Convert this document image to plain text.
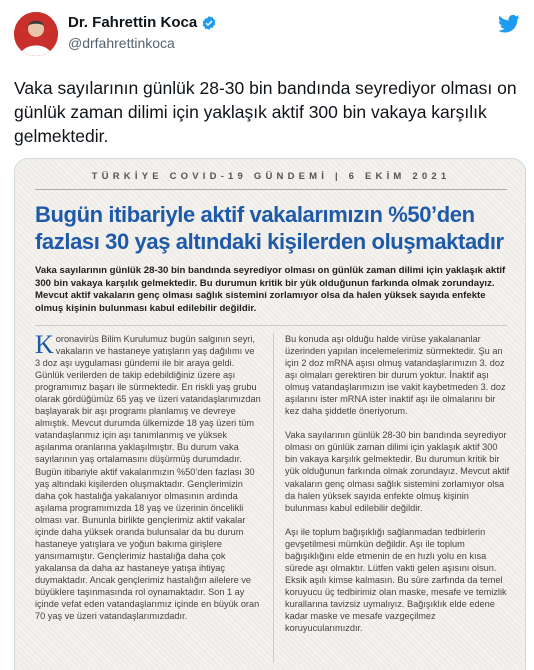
Dr. Fahrettin Koca
@drfahrettinkoca
Vaka sayılarının günlük 28-30 bin bandında seyrediyor olması on günlük zaman dilimi için yaklaşık aktif 300 bin vakaya karşılık gelmektedir.
TÜRKİYE COVID-19 GÜNDEMİ | 6 EKİM 2021
Bugün itibariyle aktif vakalarımızın %50’den fazlası 30 yaş altındaki kişilerden oluşmaktadır
Vaka sayılarının günlük 28-30 bin bandında seyrediyor olması on günlük zaman dilimi için yaklaşık aktif 300 bin vakaya karşılık gelmektedir. Bu durumun kritik bir yük olduğunun farkında olmak zorundayız. Mevcut aktif vakaların genç olması sağlık sistemini zorlamıyor olsa da halen yüksek sayıda enfekte olmuş kişinin bulunması kabul edilebilir değildir.

Koronavirüs Bilim Kurulumuz bugün salgının seyri, vakaların ve hastaneye yatışların yaş dağılımı ve 3 doz aşı uygulaması gündemi ile bir araya geldi. Günlük verilerden de takip edebildiğiniz üzere aşı programımız başarı ile sürmektedir. En riskli yaş grubu olarak gördüğümüz 65 yaş ve üzeri vatandaşlarımızdan başlayarak bir aşı programı planlamış ve devreye almıştık. Mevcut durumda ülkemizde 18 yaş üzeri tüm vatandaşlarımız için aşı tanımlanmış ve yüksek aşılanma oranlarına yaklaşılmıştır. Bu durum vaka sayılarının yaş ortalamasını düşürmüş durumdadır. Bugün itibariyle aktif vakalarımızın %50’den fazlası 30 yaş altındaki kişilerden oluşmaktadır. Gençlerimizin daha çok hastalığa yakalanıyor olmasının ardında aşılama programımızda 18 yaş ve üzerinin öncelikli olması var. Bununla birlikte gençlerimiz aktif vakalar içinde daha yüksek oranda bulunsalar da bu durum hastaneye yatışlara ve yoğun bakıma girişlere yansımamıştır. Gençlerimiz hastalığa daha çok yakalansa da daha az hastaneye yatışa ihtiyaç duymaktadır. Ancak gençlerimiz hastalığın ailelere ve büyüklere taşınmasında rol oynamaktadır. Son 1 ay içinde vefat eden vatandaşlarımız içinde en büyük oran 70 yaş ve üzeri vatandaşlarımızdadır.

Bu konuda aşı olduğu halde virüse yakalananlar üzerinden yapılan incelemelerimiz sürmektedir. Şu an için 2 doz mRNA aşısı olmuş vatandaşlarımızın 3. doz aşı olmaları gerektiren bir durum yoktur. İnaktif aşı olmuş vatandaşlarımızın ise vakit kaybetmeden 3. doz aşılarını ister mRNA ister inaktif aşı ile olmalarını bir kez daha şiddetle öneriyorum.

Vaka sayılarının günlük 28-30 bin bandında seyrediyor olması on günlük zaman dilimi için yaklaşık aktif 300 bin vakaya karşılık gelmektedir. Bu durumun kritik bir yük olduğunun farkında olmak zorundayız. Mevcut aktif vakaların genç olması sağlık sistemini zorlamıyor olsa da halen yüksek sayıda enfekte olmuş kişinin bulunması kabul edilebilir değildir.

Aşı ile toplum bağışıklığı sağlanmadan tedbirlerin gevşetilmesi mümkün değildir. Aşı ile toplum bağışıklığını elde etmenin de en hızlı yolu en kısa sürede aşı olmaktır. Lütfen vakti gelen aşısını olsun. Eksik aşılı kimse kalmasın. Bu süre zarfında da temel koruyucu üç tedbirimiz olan maske, mesafe ve temizlik kurallarına tavizsiz uymalıyız. Bağışıklık elde edene kadar maske ve mesafe vazgeçilmez koruyucularımızdır.
